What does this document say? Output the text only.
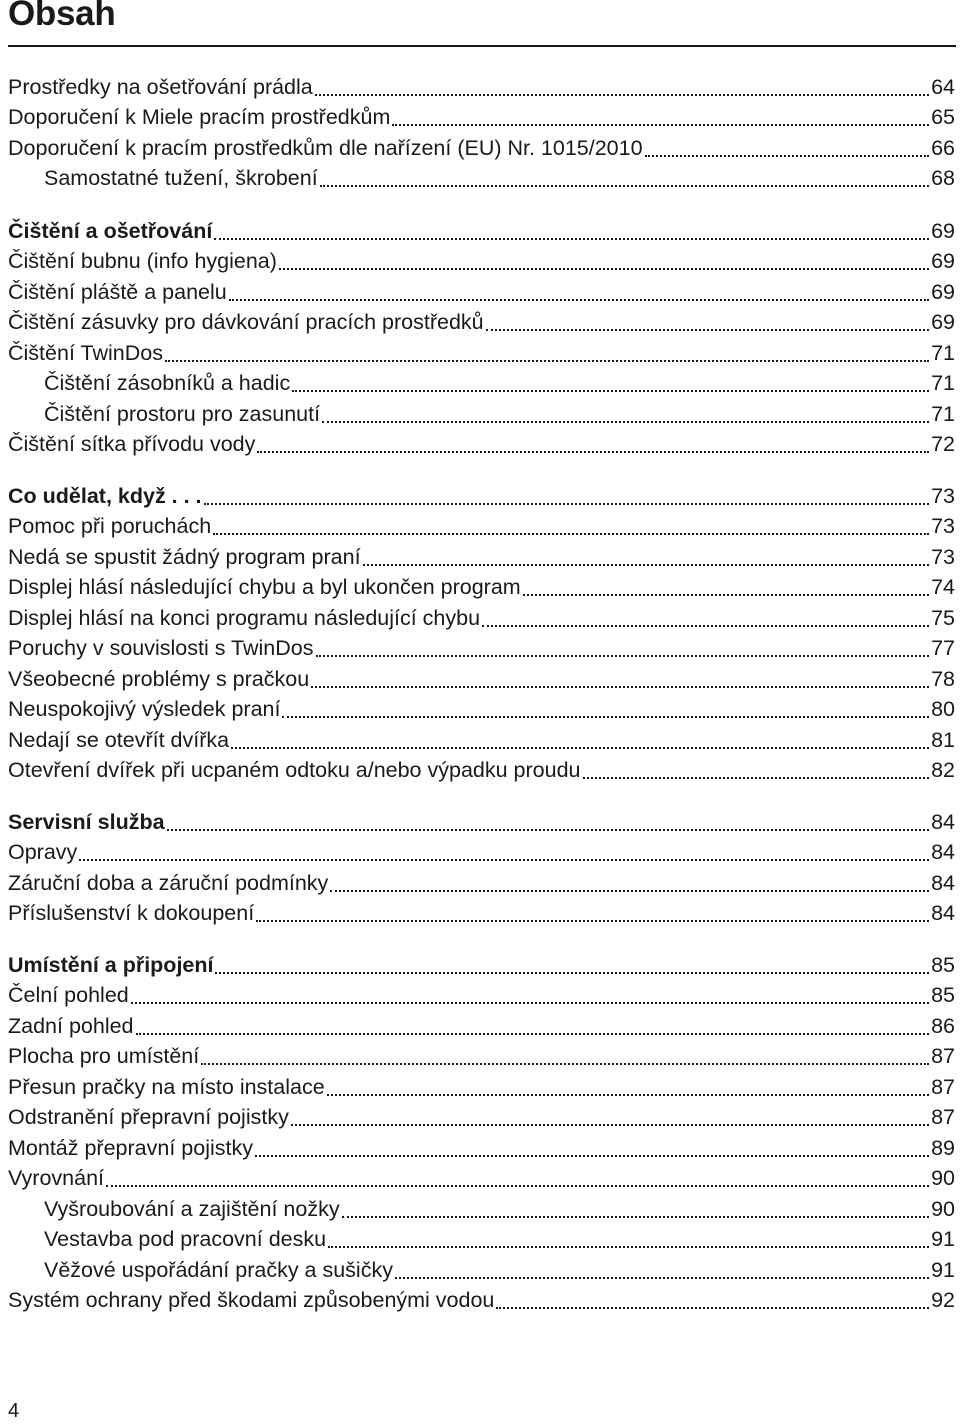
Obsah
Prostředky na ošetřování prádla	64
Doporučení k Miele pracím prostředkům	65
Doporučení k pracím prostředkům dle nařízení (EU) Nr. 1015/2010	66
Samostatné tužení, škrobení	68
Čištění a ošetřování	69
Čištění bubnu (info hygiena)	69
Čištění pláště a panelu	69
Čištění zásuvky pro dávkování pracích prostředků	69
Čištění TwinDos	71
Čištění zásobníků a hadic	71
Čištění prostoru pro zasunutí	71
Čištění sítka přívodu vody	72
Co udělat, když . . .	73
Pomoc při poruchách	73
Nedá se spustit žádný program praní	73
Displej hlásí následující chybu a byl ukončen program	74
Displej hlásí na konci programu následující chybu	75
Poruchy v souvislosti s TwinDos	77
Všeobecné problémy s pračkou	78
Neuspokojivý výsledek praní	80
Nedají se otevřít dvířka	81
Otevření dvířek při ucpaném odtoku a/nebo výpadku proudu	82
Servisní služba	84
Opravy	84
Záruční doba a záruční podmínky	84
Příslušenství k dokoupení	84
Umístění a připojení	85
Čelní pohled	85
Zadní pohled	86
Plocha pro umístění	87
Přesun pračky na místo instalace	87
Odstranění přepravní pojistky	87
Montáž přepravní pojistky	89
Vyrovnání	90
Vyšroubování a zajištění nožky	90
Vestavba pod pracovní desku	91
Věžové uspořádání pračky a sušičky	91
Systém ochrany před škodami způsobenými vodou	92
4
